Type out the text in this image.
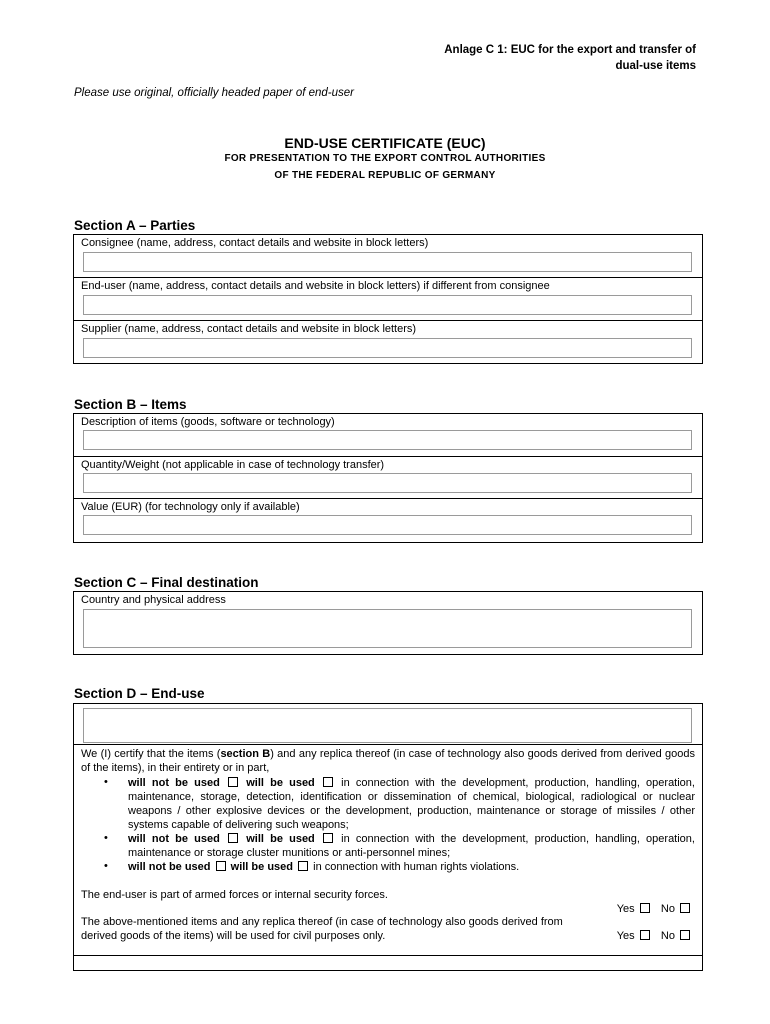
Anlage C 1: EUC for the export and transfer of
dual-use items
Please use original, officially headed paper of end-user
END-USE CERTIFICATE (EUC)
FOR PRESENTATION TO THE EXPORT CONTROL AUTHORITIES
OF THE FEDERAL REPUBLIC OF GERMANY
Section A – Parties
Consignee (name, address, contact details and website in block letters)
End-user (name, address, contact details and website in block letters) if different from consignee
Supplier (name, address, contact details and website in block letters)
Section B – Items
Description of items (goods, software or technology)
Quantity/Weight (not applicable in case of technology transfer)
Value (EUR) (for technology only if available)
Section C – Final destination
Country and physical address
Section D – End-use
We (I) certify that the items (section B) and any replica thereof (in case of technology also goods derived from derived goods of the items), in their entirety or in part,
• will not be used will be used in connection with the development, production, handling, operation, maintenance, storage, detection, identification or dissemination of chemical, biological, radiological or nuclear weapons / other explosive devices or the development, production, maintenance or storage of missiles / other systems capable of delivering such weapons;
• will not be used will be used in connection with the development, production, handling, operation, maintenance or storage cluster munitions or anti-personnel mines;
• will not be used will be used in connection with human rights violations.
The end-user is part of armed forces or internal security forces.
Yes No
The above-mentioned items and any replica thereof (in case of technology also goods derived from derived goods of the items) will be used for civil purposes only.	Yes No
